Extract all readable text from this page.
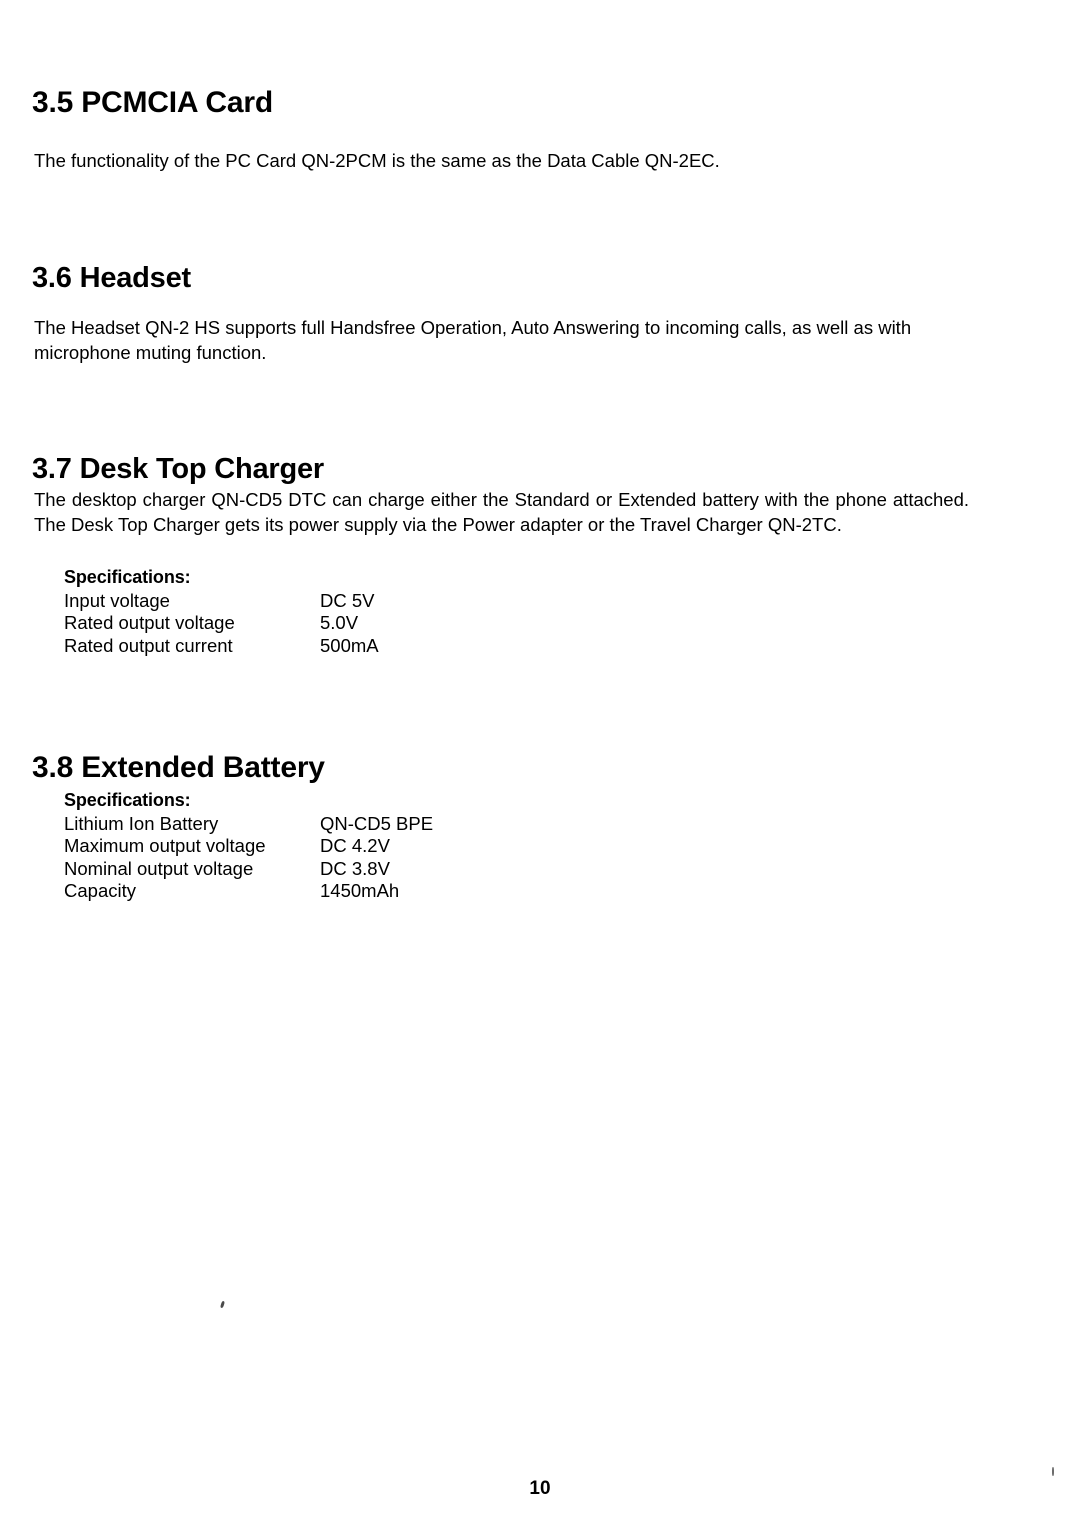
3.5 PCMCIA Card

The functionality of the PC Card QN-2PCM is the same as the Data Cable QN-2EC.

3.6 Headset

The Headset QN-2 HS supports full Handsfree Operation, Auto Answering to incoming calls, as well as with microphone muting function.

3.7 Desk Top Charger
The desktop charger QN-CD5 DTC can charge either the Standard or Extended battery with the phone attached.
The Desk Top Charger gets its power supply via the Power adapter or the Travel Charger QN-2TC.
Specifications:
Input voltage	DC 5V
Rated output voltage	5.0V
Rated output current	500mA
3.8 Extended Battery
Specifications:
Lithium Ion Battery	QN-CD5 BPE
Maximum output voltage	DC 4.2V
Nominal output voltage	DC 3.8V
Capacity	1450mAh
10
